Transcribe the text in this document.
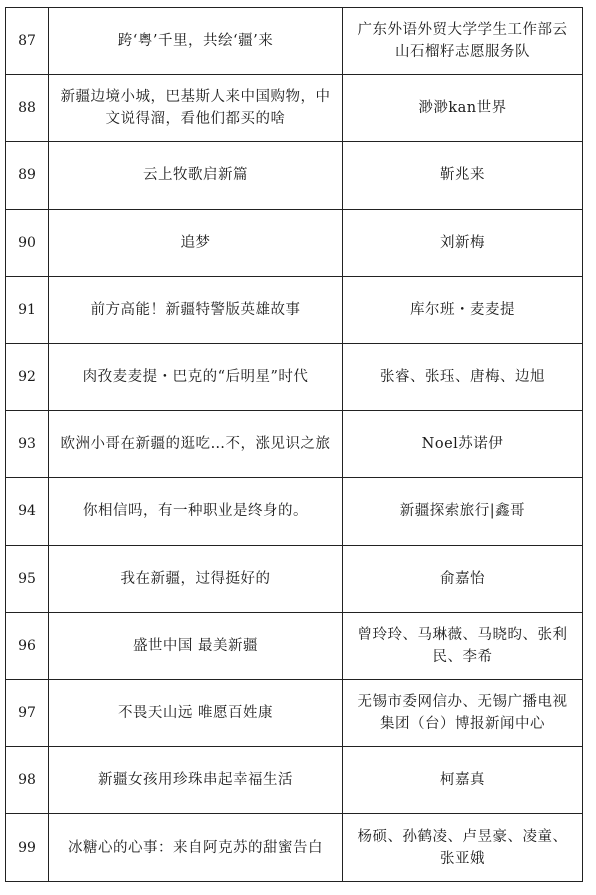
87	跨‘粤’千里，共绘‘疆’来	广东外语外贸大学学生工作部云山石榴籽志愿服务队
88	新疆边境小城，巴基斯人来中国购物，中文说得溜，看他们都买的啥	渺渺kan世界
89	云上牧歌启新篇	靳兆来
90	追梦	刘新梅
91	前方高能！新疆特警版英雄故事	库尔班・麦麦提
92	肉孜麦麦提・巴克的“后明星”时代	张睿、张珏、唐梅、边旭
93	欧洲小哥在新疆的逛吃…不，涨见识之旅	Noel苏诺伊
94	你相信吗，有一种职业是终身的。	新疆探索旅行|鑫哥
95	我在新疆，过得挺好的	俞嘉怡
96	盛世中国 最美新疆	曾玲玲、马琳薇、马晓昀、张利民、李希
97	不畏天山远 唯愿百姓康	无锡市委网信办、无锡广播电视集团（台）博报新闻中心
98	新疆女孩用珍珠串起幸福生活	柯嘉真
99	冰糖心的心事：来自阿克苏的甜蜜告白	杨硕、孙鹤凌、卢昱豪、凌童、张亚娥
